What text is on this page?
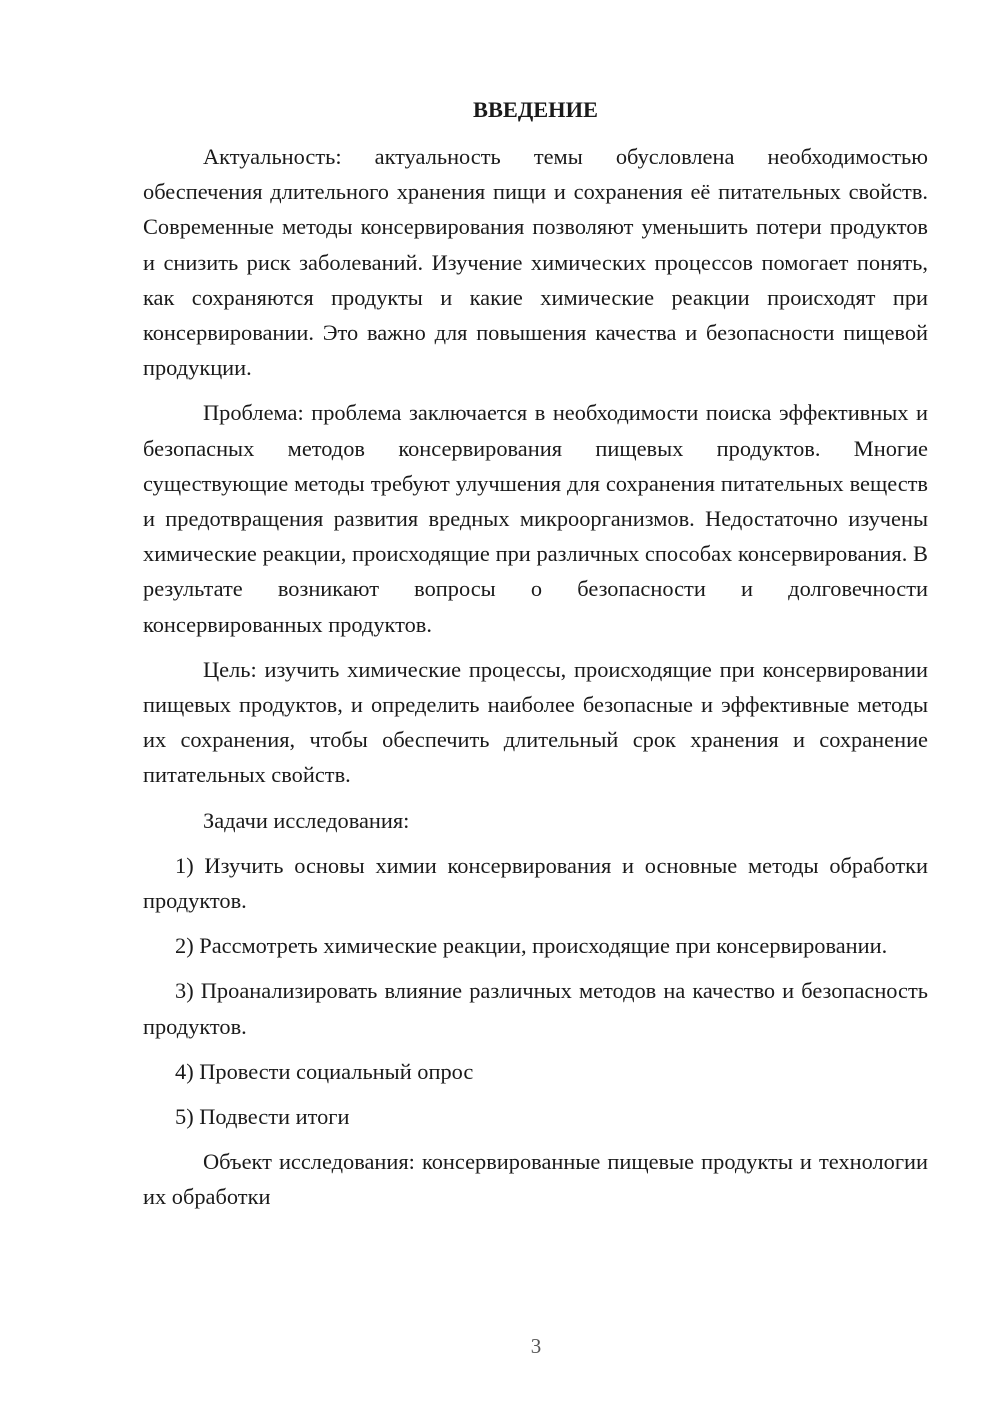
ВВЕДЕНИЕ

Актуальность: актуальность темы обусловлена необходимостью обеспечения длительного хранения пищи и сохранения её питательных свойств. Современные методы консервирования позволяют уменьшить потери продуктов и снизить риск заболеваний. Изучение химических процессов помогает понять, как сохраняются продукты и какие химические реакции происходят при консервировании. Это важно для повышения качества и безопасности пищевой продукции.

Проблема: проблема заключается в необходимости поиска эффективных и безопасных методов консервирования пищевых продуктов. Многие существующие методы требуют улучшения для сохранения питательных веществ и предотвращения развития вредных микроорганизмов. Недостаточно изучены химические реакции, происходящие при различных способах консервирования. В результате возникают вопросы о безопасности и долговечности консервированных продуктов.

Цель: изучить химические процессы, происходящие при консервировании пищевых продуктов, и определить наиболее безопасные и эффективные методы их сохранения, чтобы обеспечить длительный срок хранения и сохранение питательных свойств.

Задачи исследования:

1) Изучить основы химии консервирования и основные методы обработки продуктов.

2) Рассмотреть химические реакции, происходящие при консервировании.

3) Проанализировать влияние различных методов на качество и безопасность продуктов.

4) Провести социальный опрос

5) Подвести итоги

Объект исследования: консервированные пищевые продукты и технологии их обработки

3
